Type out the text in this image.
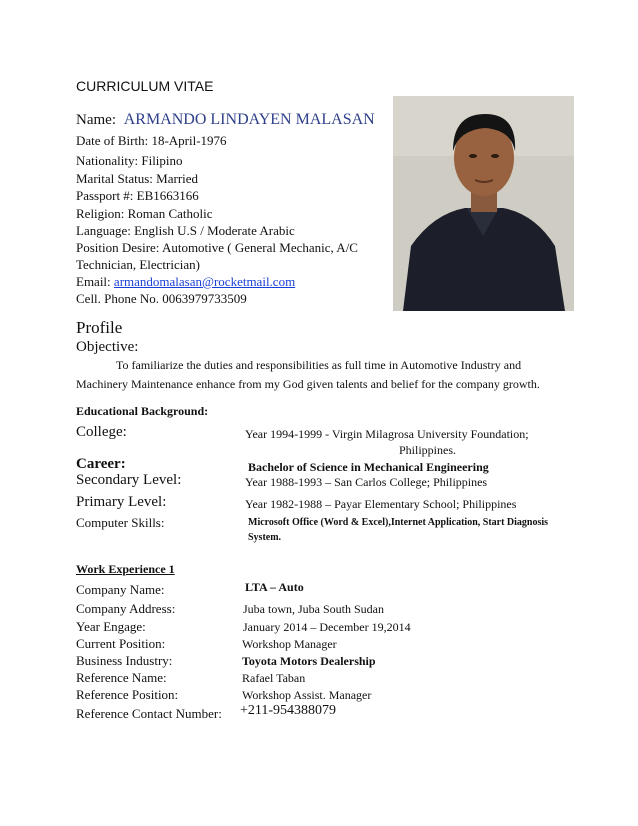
CURRICULUM VITAE
Name: ARMANDO LINDAYEN MALASAN
Date of Birth: 18-April-1976
Nationality: Filipino
Marital Status: Married
Passport #: EB1663166
Religion: Roman Catholic
Language: English U.S / Moderate Arabic
Position Desire: Automotive ( General Mechanic, A/C
Technician, Electrician)
Email: armandomalasan@rocketmail.com
Cell. Phone No. 0063979733509
Profile
Objective:
To familiarize the duties and responsibilities as full time in Automotive Industry and
Machinery Maintenance enhance from my God given talents and belief for the company growth.
Educational Background:
College:	Year 1994-1999 - Virgin Milagrosa University Foundation;
Philippines.
Career:	Bachelor of Science in Mechanical Engineering
Secondary Level:	Year 1988-1993 – San Carlos College; Philippines
Primary Level:	Year 1982-1988 – Payar Elementary School; Philippines
Computer Skills:	Microsoft Office (Word & Excel),Internet Application, Start Diagnosis
System.
Work Experience 1
Company Name:	LTA – Auto
Company Address:	Juba town, Juba South Sudan
Year Engage:	January 2014 – December 19,2014
Current Position:	Workshop Manager
Business Industry:	Toyota Motors Dealership
Reference Name:	Rafael Taban
Reference Position:	Workshop Assist. Manager
Reference Contact Number: +211-954388079
